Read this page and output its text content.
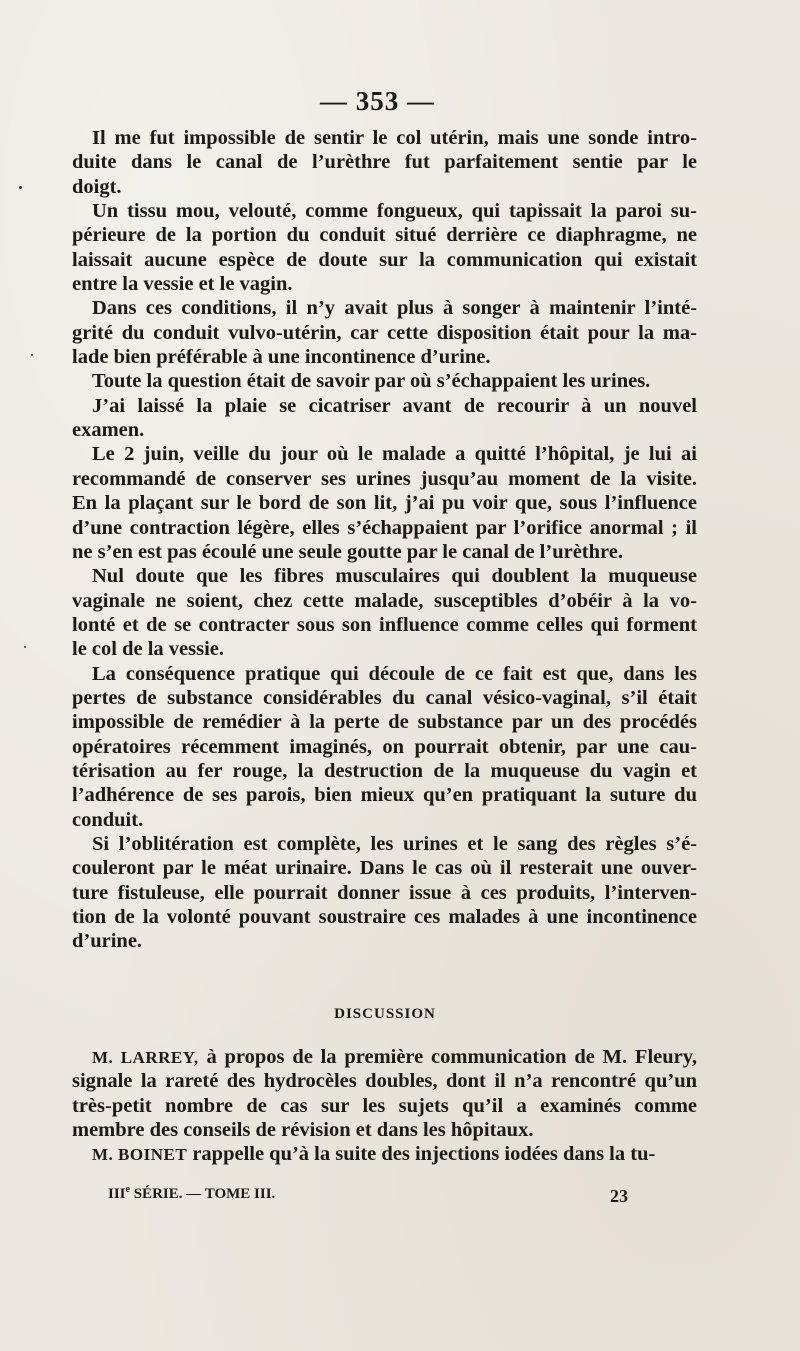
— 353 —
Il me fut impossible de sentir le col utérin, mais une sonde intro-
duite dans le canal de l’urèthre fut parfaitement sentie par le
doigt.
Un tissu mou, velouté, comme fongueux, qui tapissait la paroi su-
périeure de la portion du conduit situé derrière ce diaphragme, ne
laissait aucune espèce de doute sur la communication qui existait
entre la vessie et le vagin.
Dans ces conditions, il n’y avait plus à songer à maintenir l’inté-
grité du conduit vulvo-utérin, car cette disposition était pour la ma-
lade bien préférable à une incontinence d’urine.
Toute la question était de savoir par où s’échappaient les urines.
J’ai laissé la plaie se cicatriser avant de recourir à un nouvel
examen.
Le 2 juin, veille du jour où le malade a quitté l’hôpital, je lui ai
recommandé de conserver ses urines jusqu’au moment de la visite.
En la plaçant sur le bord de son lit, j’ai pu voir que, sous l’influence
d’une contraction légère, elles s’échappaient par l’orifice anormal ; il
ne s’en est pas écoulé une seule goutte par le canal de l’urèthre.
Nul doute que les fibres musculaires qui doublent la muqueuse
vaginale ne soient, chez cette malade, susceptibles d’obéir à la vo-
lonté et de se contracter sous son influence comme celles qui forment
le col de la vessie.
La conséquence pratique qui découle de ce fait est que, dans les
pertes de substance considérables du canal vésico-vaginal, s’il était
impossible de remédier à la perte de substance par un des procédés
opératoires récemment imaginés, on pourrait obtenir, par une cau-
térisation au fer rouge, la destruction de la muqueuse du vagin et
l’adhérence de ses parois, bien mieux qu’en pratiquant la suture du
conduit.
Si l’oblitération est complète, les urines et le sang des règles s’é-
couleront par le méat urinaire. Dans le cas où il resterait une ouver-
ture fistuleuse, elle pourrait donner issue à ces produits, l’interven-
tion de la volonté pouvant soustraire ces malades à une incontinence
d’urine.
DISCUSSION
M. LARREY, à propos de la première communication de M. Fleury,
signale la rareté des hydrocèles doubles, dont il n’a rencontré qu’un
très-petit nombre de cas sur les sujets qu’il a examinés comme
membre des conseils de révision et dans les hôpitaux.
M. BOINET rappelle qu’à la suite des injections iodées dans la tu-
IIIe SÉRIE. — TOME III.	23
